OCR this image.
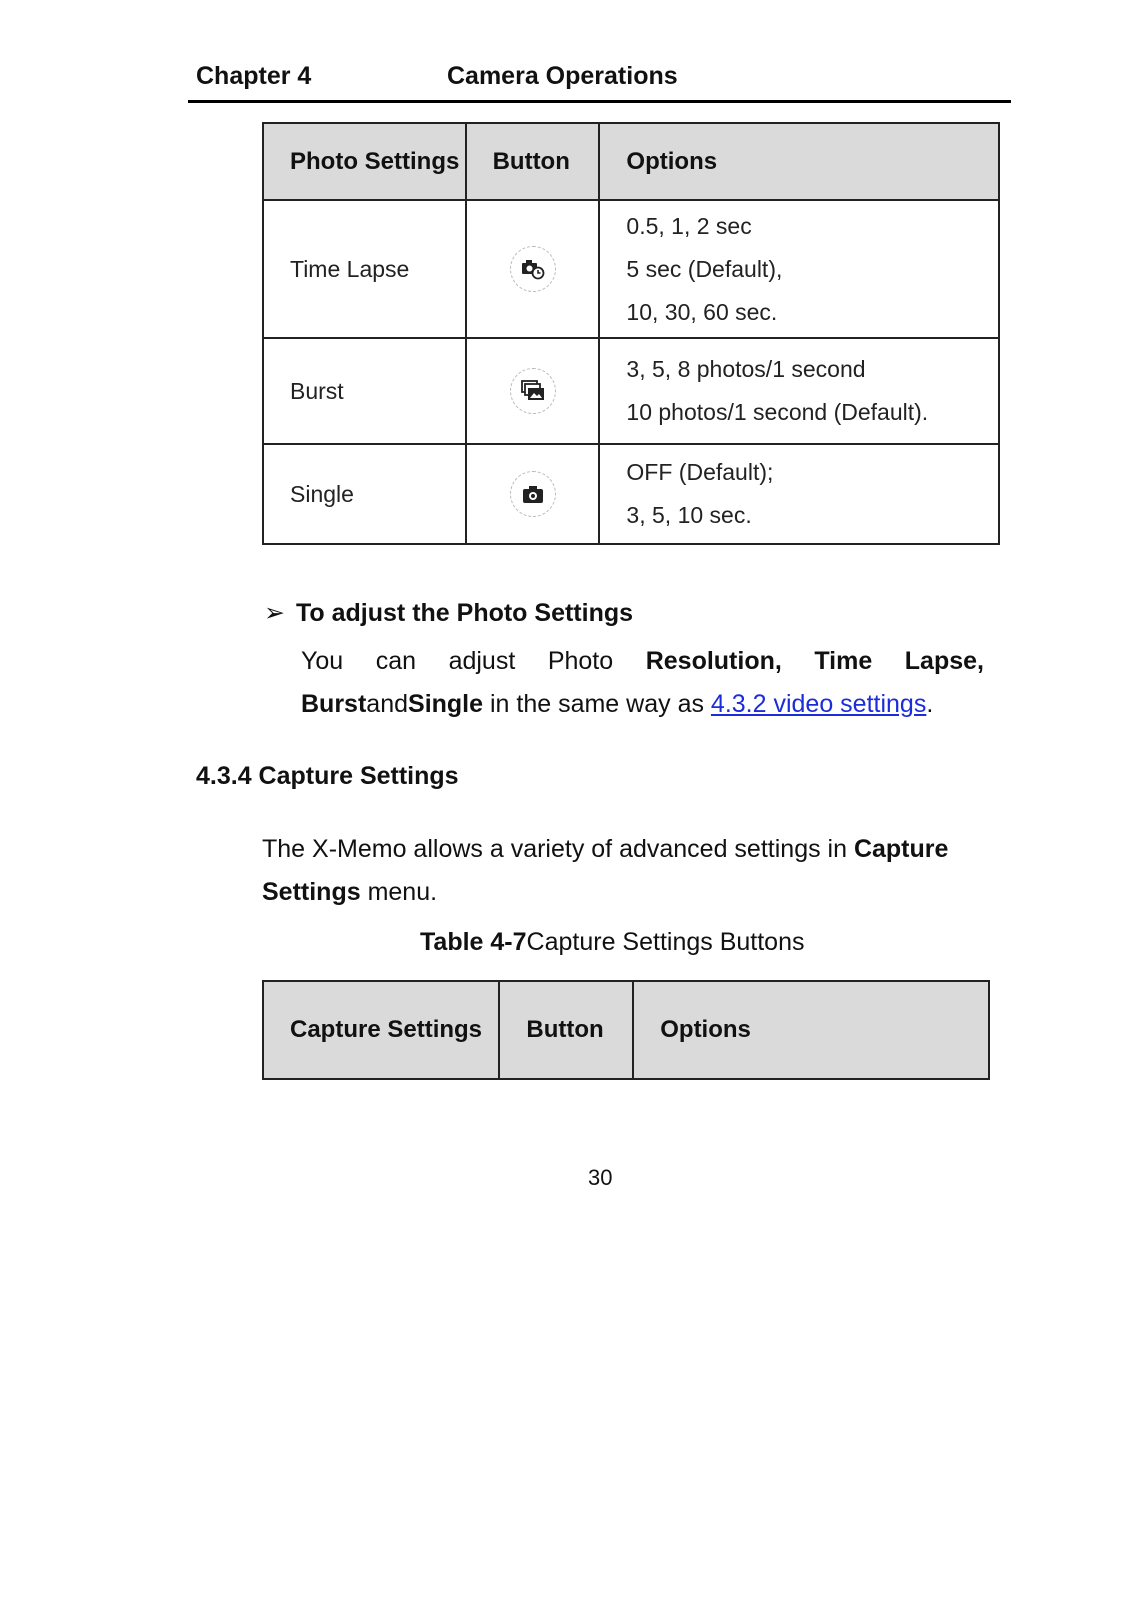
Chapter 4	Camera Operations
Photo Settings	Button	Options
Time Lapse		0.5, 1, 2 sec
5 sec (Default),
10, 30, 60 sec.

Burst		3, 5, 8 photos/1 second
10 photos/1 second (Default).

Single		OFF (Default);
3, 5, 10 sec.
➢ To adjust the Photo Settings
You can adjust Photo Resolution, Time Lapse, BurstandSingle in the same way as 4.3.2 video settings.
4.3.4 Capture Settings
The X-Memo allows a variety of advanced settings in Capture Settings menu.
Table 4-7Capture Settings Buttons
Capture Settings	Button	Options
30
